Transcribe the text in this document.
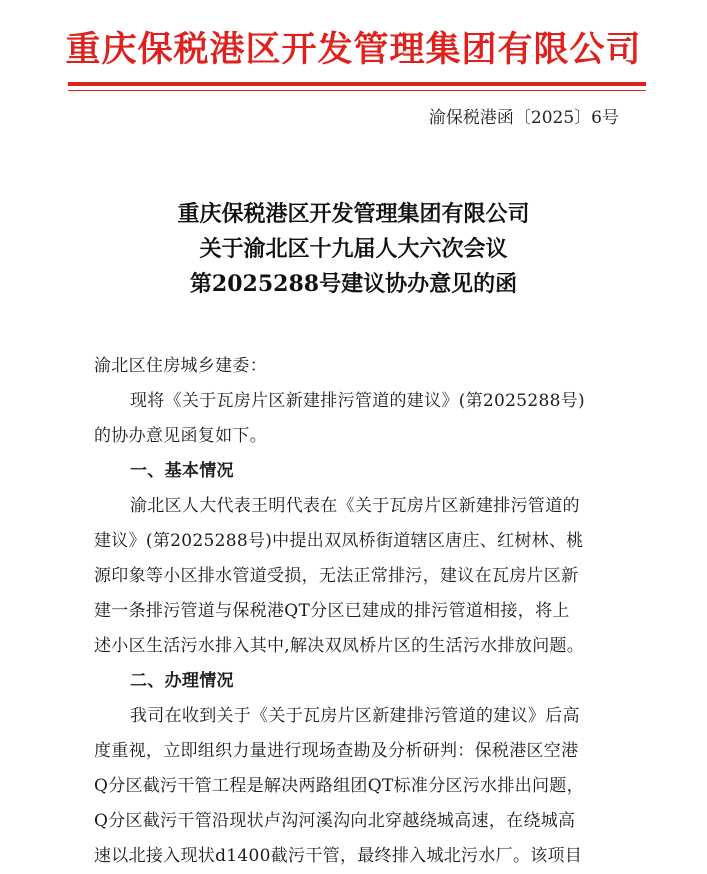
重庆保税港区开发管理集团有限公司
渝保税港函〔2025〕6号
重庆保税港区开发管理集团有限公司
关于渝北区十九届人大六次会议
第2025288号建议协办意见的函

渝北区住房城乡建委：

现将《关于瓦房片区新建排污管道的建议》(第2025288号)

的协办意见函复如下。

一、基本情况

渝北区人大代表王明代表在《关于瓦房片区新建排污管道的

建议》(第2025288号)中提出双凤桥街道辖区唐庄、红树林、桃

源印象等小区排水管道受损，无法正常排污，建议在瓦房片区新

建一条排污管道与保税港QT分区已建成的排污管道相接，将上

述小区生活污水排入其中,解决双凤桥片区的生活污水排放问题。

二、办理情况

我司在收到关于《关于瓦房片区新建排污管道的建议》后高

度重视，立即组织力量进行现场查勘及分析研判：保税港区空港

Q分区截污干管工程是解决两路组团QT标准分区污水排出问题，

Q分区截污干管沿现状卢沟河溪沟向北穿越绕城高速，在绕城高

速以北接入现状d1400截污干管，最终排入城北污水厂。该项目
